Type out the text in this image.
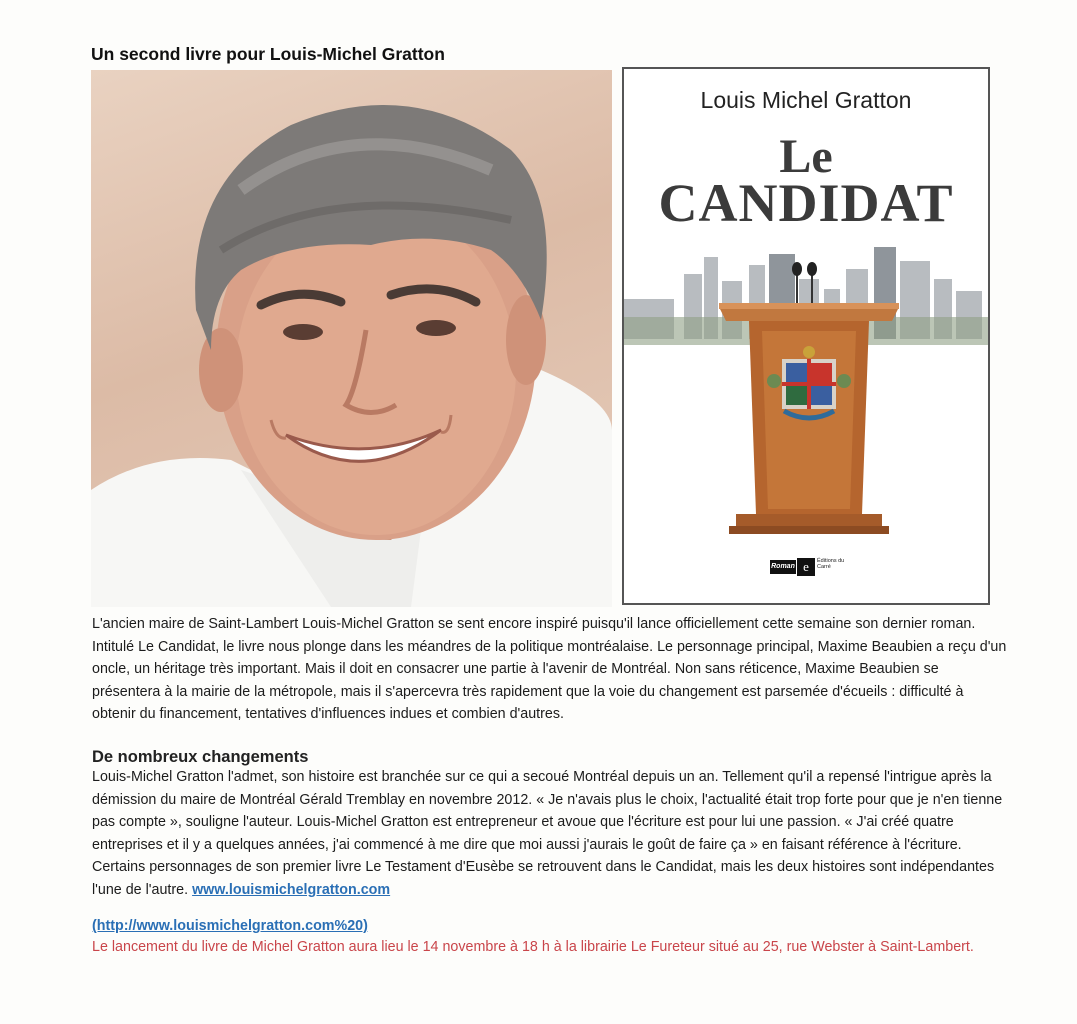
Un second livre pour Louis-Michel Gratton
Louis Michel Gratton
Le
CANDIDAT
Roman e	Éditions du Carré
L'ancien maire de Saint-Lambert Louis-Michel Gratton se sent encore inspiré puisqu'il lance officiellement cette semaine son dernier roman. Intitulé Le Candidat, le livre nous plonge dans les méandres de la politique montréalaise. Le personnage principal, Maxime Beaubien a reçu d'un oncle, un héritage très important. Mais il doit en consacrer une partie à l'avenir de Montréal. Non sans réticence, Maxime Beaubien se présentera à la mairie de la métropole, mais il s'apercevra très rapidement que la voie du changement est parsemée d'écueils : difficulté à obtenir du financement, tentatives d'influences indues et combien d'autres.
De nombreux changements
Louis-Michel Gratton l'admet, son histoire est branchée sur ce qui a secoué Montréal depuis un an. Tellement qu'il a repensé l'intrigue après la démission du maire de Montréal Gérald Tremblay en novembre 2012. « Je n'avais plus le choix, l'actualité était trop forte pour que je n'en tienne pas compte », souligne l'auteur. Louis-Michel Gratton est entrepreneur et avoue que l'écriture est pour lui une passion. « J'ai créé quatre entreprises et il y a quelques années, j'ai commencé à me dire que moi aussi j'aurais le goût de faire ça » en faisant référence à l'écriture. Certains personnages de son premier livre Le Testament d'Eusèbe se retrouvent dans le Candidat, mais les deux histoires sont indépendantes l'une de l'autre. www.louismichelgratton.com
(http://www.louismichelgratton.com%20)
Le lancement du livre de Michel Gratton aura lieu le 14 novembre à 18 h à la librairie Le Fureteur situé au 25, rue Webster à Saint-Lambert.
